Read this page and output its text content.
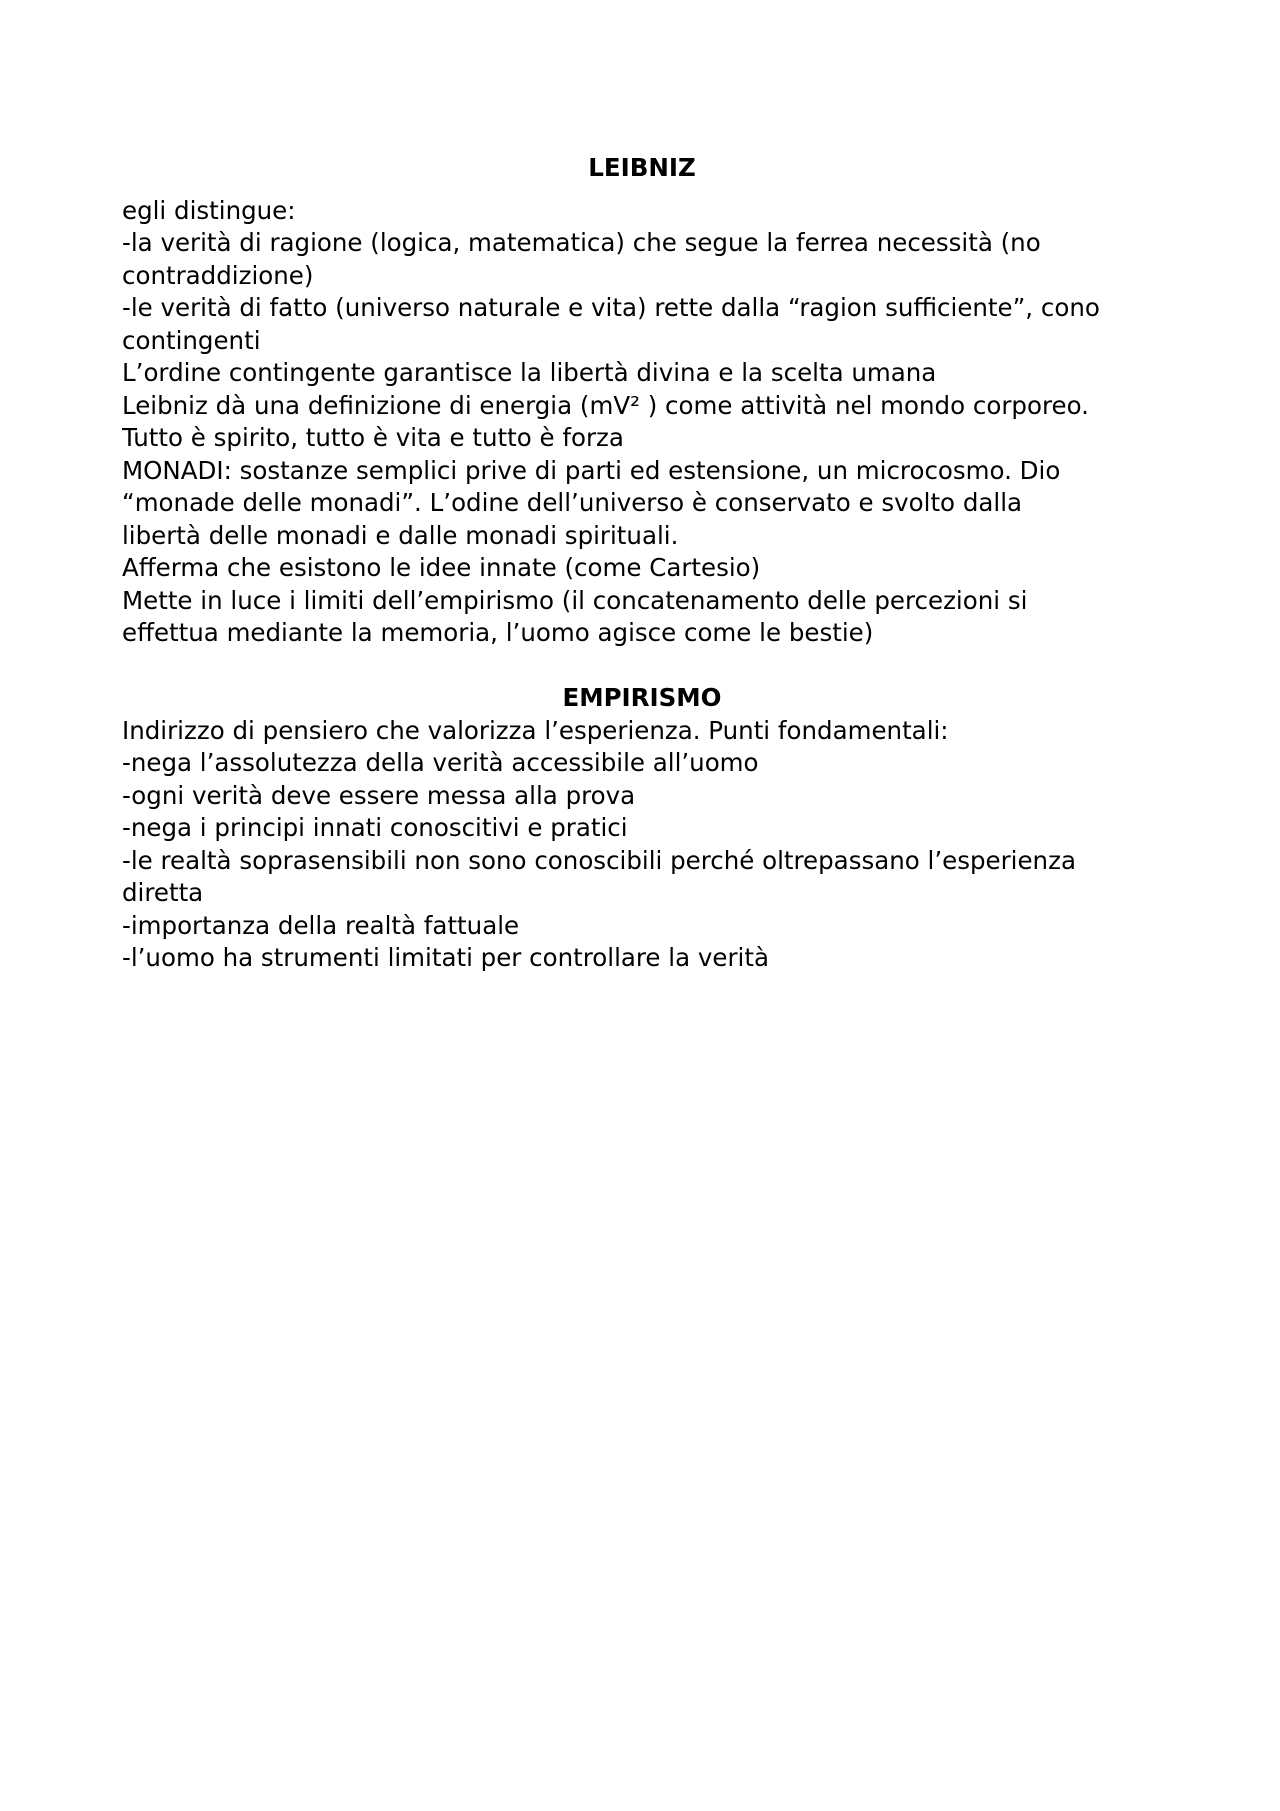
LEIBNIZ

egli distingue:

-la verità di ragione (logica, matematica) che segue la ferrea necessità (no

contraddizione)

-le verità di fatto (universo naturale e vita) rette dalla “ragion sufficiente”, cono

contingenti

L’ordine contingente garantisce la libertà divina e la scelta umana

Leibniz dà una definizione di energia (mV² ) come attività nel mondo corporeo.

Tutto è spirito, tutto è vita e tutto è forza

MONADI: sostanze semplici prive di parti ed estensione, un microcosmo. Dio

“monade delle monadi”. L’odine dell’universo è conservato e svolto dalla

libertà delle monadi e dalle monadi spirituali.

Afferma che esistono le idee innate (come Cartesio)

Mette in luce i limiti dell’empirismo (il concatenamento delle percezioni si

effettua mediante la memoria, l’uomo agisce come le bestie)

EMPIRISMO

Indirizzo di pensiero che valorizza l’esperienza. Punti fondamentali:

-nega l’assolutezza della verità accessibile all’uomo

-ogni verità deve essere messa alla prova

-nega i principi innati conoscitivi e pratici

-le realtà soprasensibili non sono conoscibili perché oltrepassano l’esperienza

diretta

-importanza della realtà fattuale

-l’uomo ha strumenti limitati per controllare la verità
